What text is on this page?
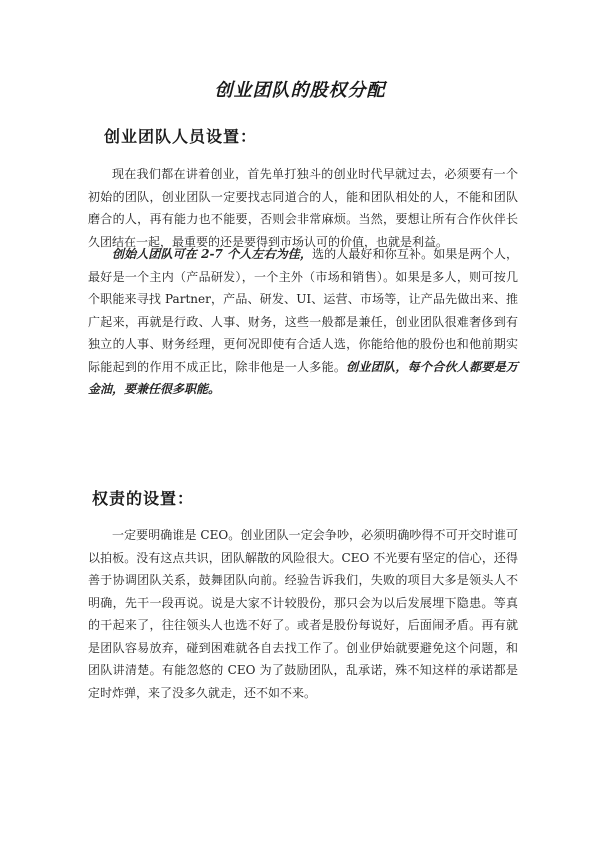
创业团队的股权分配
创业团队人员设置：

现在我们都在讲着创业，首先单打独斗的创业时代早就过去，必须要有一个初始的团队，创业团队一定要找志同道合的人，能和团队相处的人，不能和团队磨合的人，再有能力也不能要，否则会非常麻烦。当然，要想让所有合作伙伴长久团结在一起，最重要的还是要得到市场认可的价值，也就是利益。

创始人团队可在 2-7 个人左右为佳，选的人最好和你互补。如果是两个人，最好是一个主内（产品研发），一个主外（市场和销售）。如果是多人，则可按几个职能来寻找 Partner，产品、研发、UI、运营、市场等，让产品先做出来、推广起来，再就是行政、人事、财务，这些一般都是兼任，创业团队很难奢侈到有独立的人事、财务经理，更何况即使有合适人选，你能给他的股份也和他前期实际能起到的作用不成正比，除非他是一人多能。创业团队，每个合伙人都要是万金油，要兼任很多职能。

权责的设置：

一定要明确谁是 CEO。创业团队一定会争吵，必须明确吵得不可开交时谁可以拍板。没有这点共识，团队解散的风险很大。CEO 不光要有坚定的信心，还得善于协调团队关系，鼓舞团队向前。经验告诉我们，失败的项目大多是领头人不明确，先干一段再说。说是大家不计较股份，那只会为以后发展埋下隐患。等真的干起来了，往往领头人也选不好了。或者是股份每说好，后面闹矛盾。再有就是团队容易放弃，碰到困难就各自去找工作了。创业伊始就要避免这个问题，和团队讲清楚。有能忽悠的 CEO 为了鼓励团队，乱承诺，殊不知这样的承诺都是定时炸弹，来了没多久就走，还不如不来。
